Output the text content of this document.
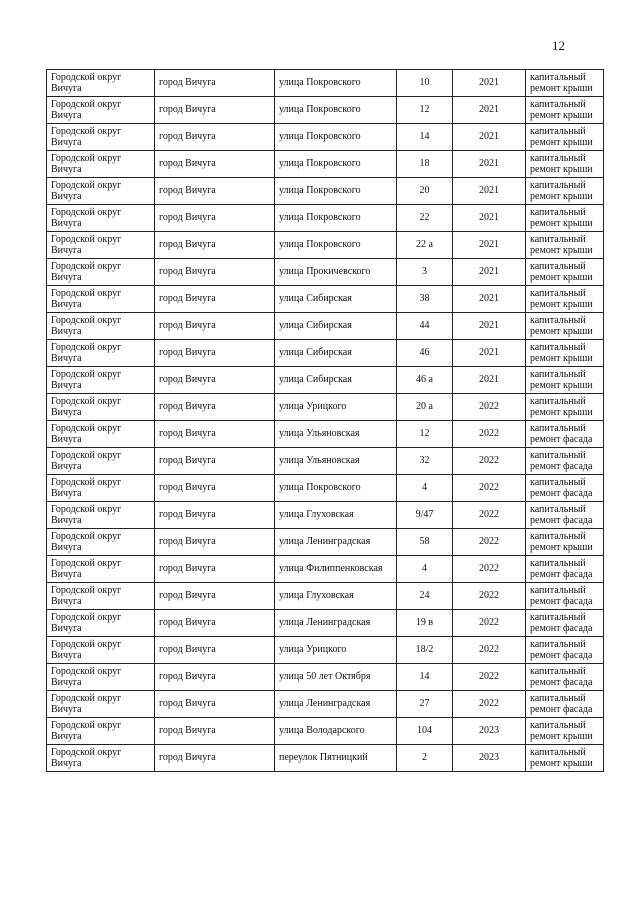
12
Городской округ Вичуга	город Вичуга	улица Покровского	10	2021	капитальный ремонт крыши
Городской округ Вичуга	город Вичуга	улица Покровского	12	2021	капитальный ремонт крыши
Городской округ Вичуга	город Вичуга	улица Покровского	14	2021	капитальный ремонт крыши
Городской округ Вичуга	город Вичуга	улица Покровского	18	2021	капитальный ремонт крыши
Городской округ Вичуга	город Вичуга	улица Покровского	20	2021	капитальный ремонт крыши
Городской округ Вичуга	город Вичуга	улица Покровского	22	2021	капитальный ремонт крыши
Городской округ Вичуга	город Вичуга	улица Покровского	22 а	2021	капитальный ремонт крыши
Городской округ Вичуга	город Вичуга	улица Прокичевского	3	2021	капитальный ремонт крыши
Городской округ Вичуга	город Вичуга	улица Сибирская	38	2021	капитальный ремонт крыши
Городской округ Вичуга	город Вичуга	улица Сибирская	44	2021	капитальный ремонт крыши
Городской округ Вичуга	город Вичуга	улица Сибирская	46	2021	капитальный ремонт крыши
Городской округ Вичуга	город Вичуга	улица Сибирская	46 а	2021	капитальный ремонт крыши
Городской округ Вичуга	город Вичуга	улица Урицкого	20 а	2022	капитальный ремонт крыши
Городской округ Вичуга	город Вичуга	улица Ульяновская	12	2022	капитальный ремонт фасада
Городской округ Вичуга	город Вичуга	улица Ульяновская	32	2022	капитальный ремонт фасада
Городской округ Вичуга	город Вичуга	улица Покровского	4	2022	капитальный ремонт фасада
Городской округ Вичуга	город Вичуга	улица Глуховская	9/47	2022	капитальный ремонт фасада
Городской округ Вичуга	город Вичуга	улица Ленинградская	58	2022	капитальный ремонт крыши
Городской округ Вичуга	город Вичуга	улица Филиппенковская	4	2022	капитальный ремонт фасада
Городской округ Вичуга	город Вичуга	улица Глуховская	24	2022	капитальный ремонт фасада
Городской округ Вичуга	город Вичуга	улица Ленинградская	19 в	2022	капитальный ремонт фасада
Городской округ Вичуга	город Вичуга	улица Урицкого	18/2	2022	капитальный ремонт фасада
Городской округ Вичуга	город Вичуга	улица 50 лет Октября	14	2022	капитальный ремонт фасада
Городской округ Вичуга	город Вичуга	улица Ленинградская	27	2022	капитальный ремонт фасада
Городской округ Вичуга	город Вичуга	улица Володарского	104	2023	капитальный ремонт крыши
Городской округ Вичуга	город Вичуга	переулок Пятницкий	2	2023	капитальный ремонт крыши
